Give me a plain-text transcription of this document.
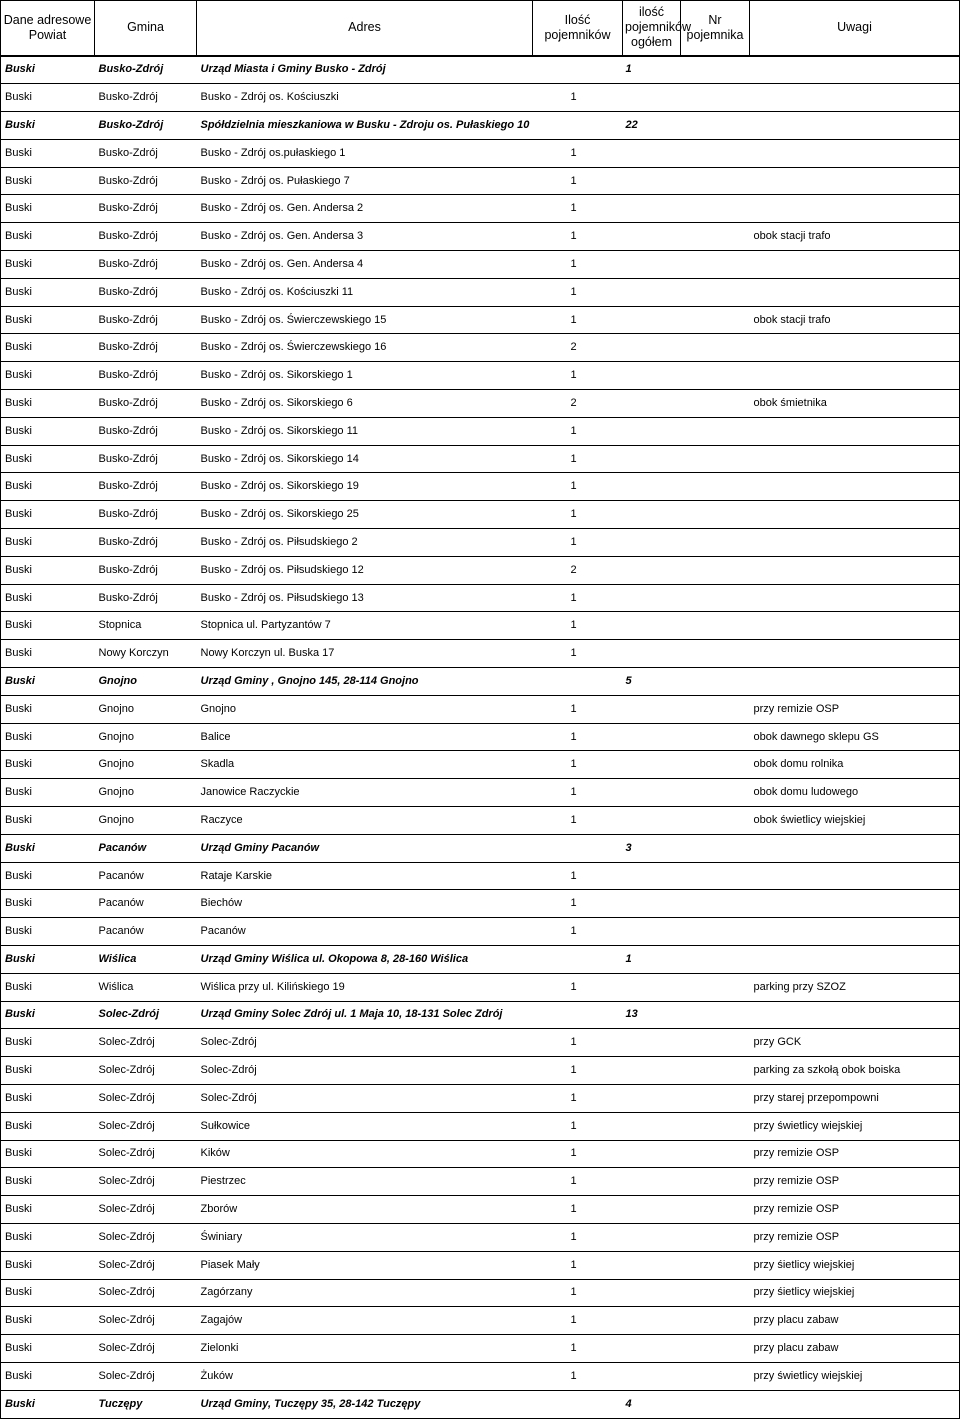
Dane adresowe Powiat	Gmina	Adres	Ilość pojemników	ilość pojemników ogółem	Nr pojemnika	Uwagi
Buski	Busko-Zdrój	Urząd Miasta i Gminy Busko - Zdrój		1		
Buski	Busko-Zdrój	Busko - Zdrój os. Kościuszki	1			
Buski	Busko-Zdrój	Spółdzielnia mieszkaniowa w Busku - Zdroju os. Pułaskiego 10		22		
Buski	Busko-Zdrój	Busko - Zdrój os.pułaskiego 1	1			
Buski	Busko-Zdrój	Busko - Zdrój os. Pułaskiego 7	1			
Buski	Busko-Zdrój	Busko - Zdrój os. Gen. Andersa 2	1			
Buski	Busko-Zdrój	Busko - Zdrój os. Gen. Andersa 3	1			obok stacji trafo
Buski	Busko-Zdrój	Busko - Zdrój os. Gen. Andersa 4	1			
Buski	Busko-Zdrój	Busko - Zdrój os. Kościuszki 11	1			
Buski	Busko-Zdrój	Busko - Zdrój os. Świerczewskiego 15	1			obok stacji trafo
Buski	Busko-Zdrój	Busko - Zdrój os. Świerczewskiego 16	2			
Buski	Busko-Zdrój	Busko - Zdrój os. Sikorskiego 1	1			
Buski	Busko-Zdrój	Busko - Zdrój os. Sikorskiego 6	2			obok śmietnika
Buski	Busko-Zdrój	Busko - Zdrój os. Sikorskiego 11	1			
Buski	Busko-Zdrój	Busko - Zdrój os. Sikorskiego 14	1			
Buski	Busko-Zdrój	Busko - Zdrój os. Sikorskiego 19	1			
Buski	Busko-Zdrój	Busko - Zdrój os. Sikorskiego 25	1			
Buski	Busko-Zdrój	Busko - Zdrój os. Piłsudskiego 2	1			
Buski	Busko-Zdrój	Busko - Zdrój os. Piłsudskiego 12	2			
Buski	Busko-Zdrój	Busko - Zdrój os. Piłsudskiego 13	1			
Buski	Stopnica	Stopnica ul. Partyzantów 7	1			
Buski	Nowy Korczyn	Nowy Korczyn ul. Buska 17	1			
Buski	Gnojno	Urząd Gminy , Gnojno 145, 28-114 Gnojno		5		
Buski	Gnojno	Gnojno	1			przy remizie OSP
Buski	Gnojno	Balice	1			obok dawnego sklepu GS
Buski	Gnojno	Skadla	1			obok domu rolnika
Buski	Gnojno	Janowice Raczyckie	1			obok domu ludowego
Buski	Gnojno	Raczyce	1			obok świetlicy wiejskiej
Buski	Pacanów	Urząd Gminy Pacanów		3		
Buski	Pacanów	Rataje Karskie	1			
Buski	Pacanów	Biechów	1			
Buski	Pacanów	Pacanów	1			
Buski	Wiślica	Urząd Gminy Wiślica ul. Okopowa 8, 28-160 Wiślica		1		
Buski	Wiślica	Wiślica przy ul. Kilińskiego 19	1			parking przy SZOZ
Buski	Solec-Zdrój	Urząd Gminy Solec Zdrój ul. 1 Maja 10, 18-131 Solec Zdrój		13		
Buski	Solec-Zdrój	Solec-Zdrój	1			przy GCK
Buski	Solec-Zdrój	Solec-Zdrój	1			parking za szkołą obok boiska
Buski	Solec-Zdrój	Solec-Zdrój	1			przy starej przepompowni
Buski	Solec-Zdrój	Sułkowice	1			przy świetlicy wiejskiej
Buski	Solec-Zdrój	Kików	1			przy remizie OSP
Buski	Solec-Zdrój	Piestrzec	1			przy remizie OSP
Buski	Solec-Zdrój	Zborów	1			przy remizie OSP
Buski	Solec-Zdrój	Świniary	1			przy remizie OSP
Buski	Solec-Zdrój	Piasek Mały	1			przy śietlicy wiejskiej
Buski	Solec-Zdrój	Zagórzany	1			przy śietlicy wiejskiej
Buski	Solec-Zdrój	Zagajów	1			przy placu zabaw
Buski	Solec-Zdrój	Zielonki	1			przy placu zabaw
Buski	Solec-Zdrój	Żuków	1			przy świetlicy wiejskiej
Buski	Tuczępy	Urząd Gminy, Tuczępy 35, 28-142 Tuczępy		4		
